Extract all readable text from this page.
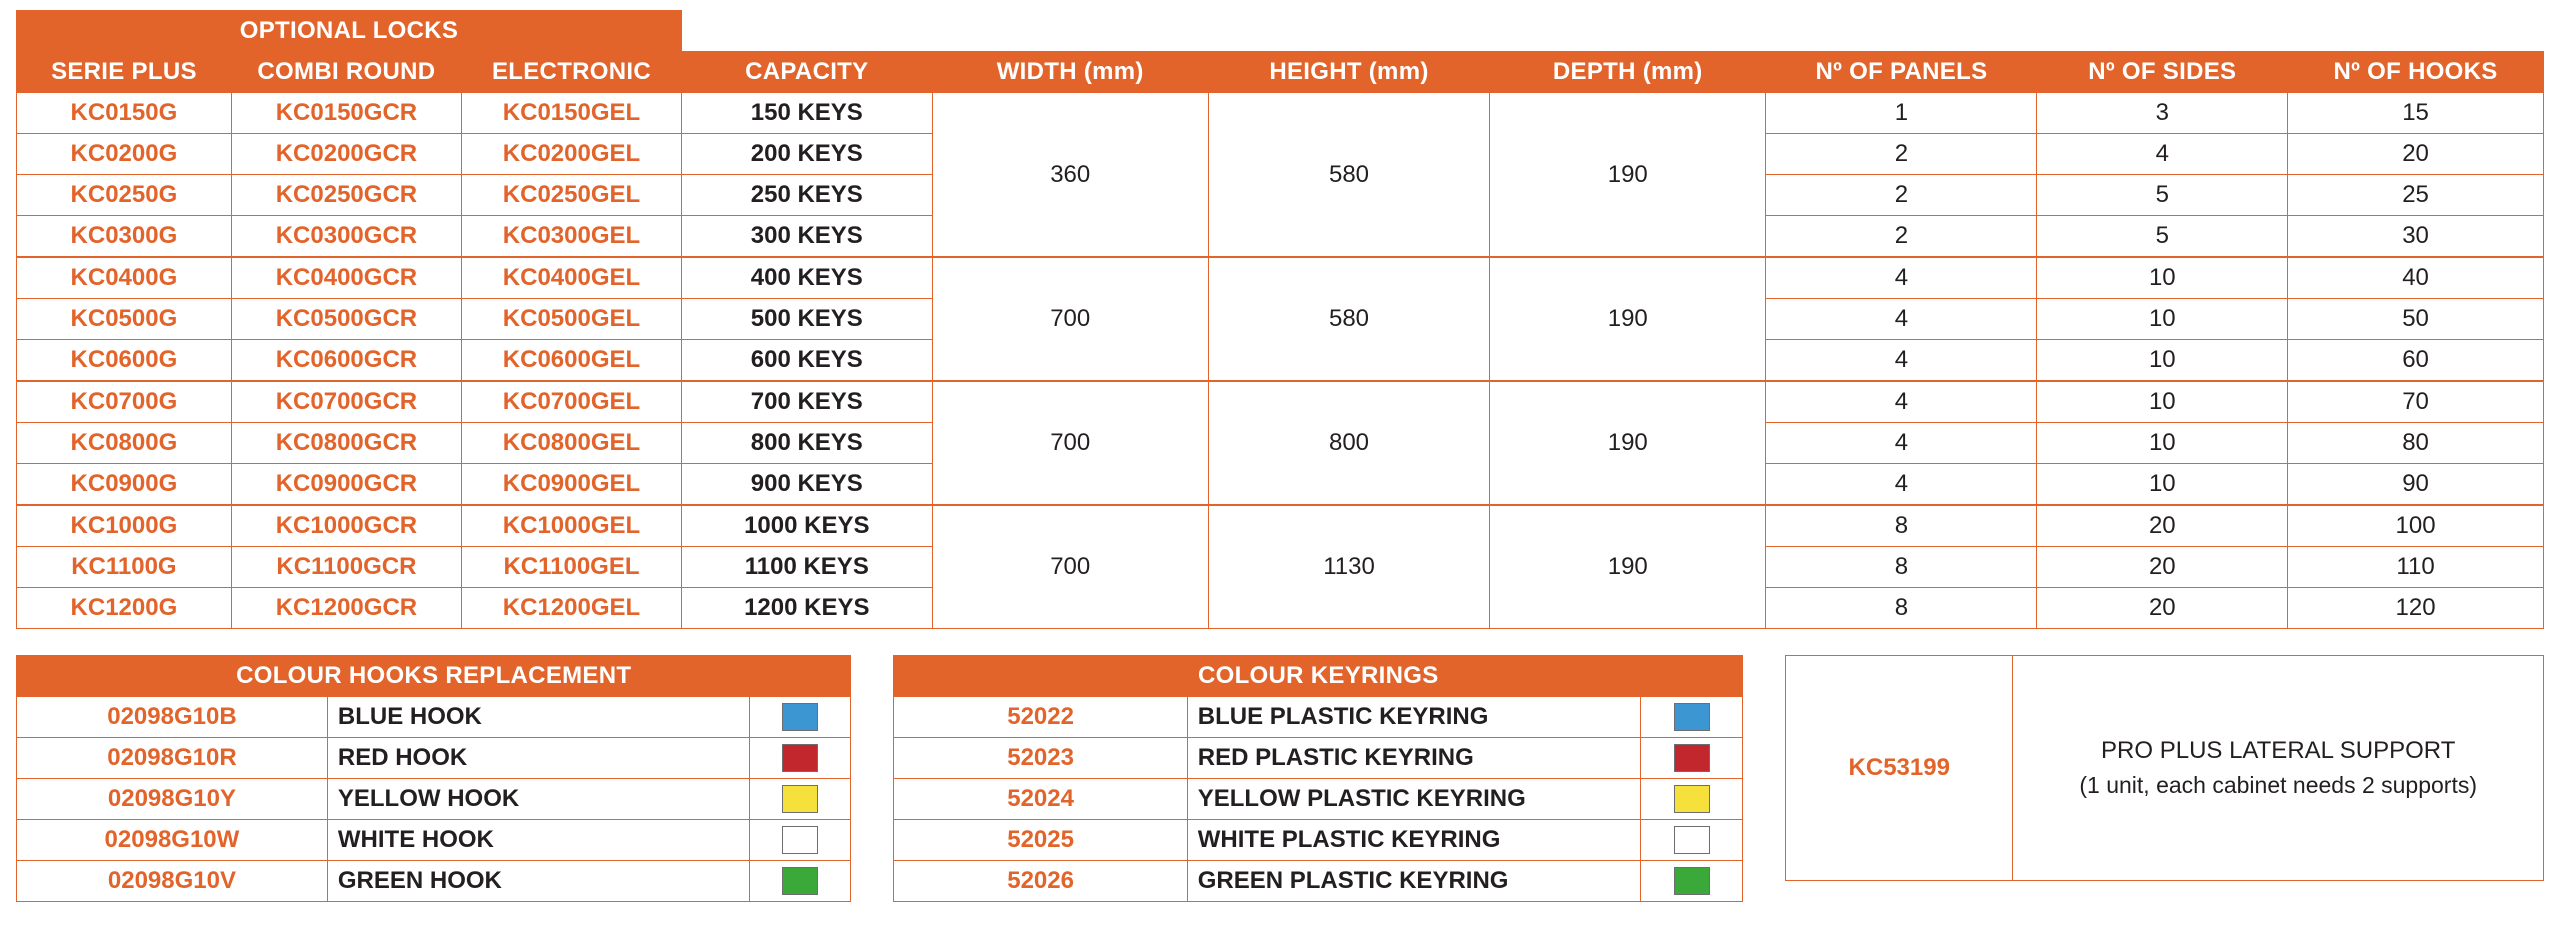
OPTIONAL LOCKS									
SERIE PLUS	COMBI ROUND	ELECTRONIC	CAPACITY	WIDTH (mm)	HEIGHT (mm)	DEPTH (mm)	Nº OF PANELS	Nº OF SIDES	Nº OF HOOKS
KC0150G	KC0150GCR	KC0150GEL	150 KEYS	360	580	190	1	3	15
KC0200G	KC0200GCR	KC0200GEL	200 KEYS				2	4	20
KC0250G	KC0250GCR	KC0250GEL	250 KEYS				2	5	25
KC0300G	KC0300GCR	KC0300GEL	300 KEYS				2	5	30
KC0400G	KC0400GCR	KC0400GEL	400 KEYS	700	580	190	4	10	40
KC0500G	KC0500GCR	KC0500GEL	500 KEYS				4	10	50
KC0600G	KC0600GCR	KC0600GEL	600 KEYS				4	10	60
KC0700G	KC0700GCR	KC0700GEL	700 KEYS	700	800	190	4	10	70
KC0800G	KC0800GCR	KC0800GEL	800 KEYS				4	10	80
KC0900G	KC0900GCR	KC0900GEL	900 KEYS				4	10	90
KC1000G	KC1000GCR	KC1000GEL	1000 KEYS	700	1130	190	8	20	100
KC1100G	KC1100GCR	KC1100GEL	1100 KEYS				8	20	110
KC1200G	KC1200GCR	KC1200GEL	1200 KEYS				8	20	120
COLOUR HOOKS REPLACEMENT		
02098G10B	BLUE HOOK	
02098G10R	RED HOOK	
02098G10Y	YELLOW HOOK	
02098G10W	WHITE HOOK	
02098G10V	GREEN HOOK	
COLOUR KEYRINGS		
52022	BLUE PLASTIC KEYRING	
52023	RED PLASTIC KEYRING	
52024	YELLOW PLASTIC KEYRING	
52025	WHITE PLASTIC KEYRING	
52026	GREEN PLASTIC KEYRING	
KC53199	
PRO PLUS LATERAL SUPPORT
(1 unit, each cabinet needs 2 supports)
